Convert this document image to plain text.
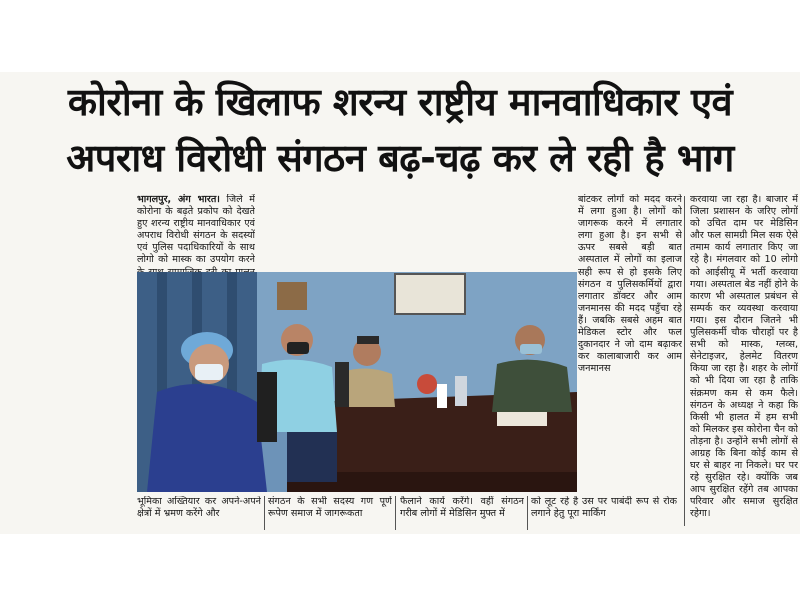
कोरोना के खिलाफ शरन्य राष्ट्रीय मानवाधिकार एवं
अपराध विरोधी संगठन बढ़-चढ़ कर ले रही है भाग

भागलपुर, अंग भारत। जिले में कोरोना के बढ़ते प्रकोप को देखते हुए शरन्य राष्ट्रीय मानवाधिकार एवं अपराध विरोधी संगठन के सदस्यों एवं पुलिस पदाधिकारियों के साथ लोगो को मास्क का उपयोग करने

भूमिका अख्तियार कर अपने-अपने क्षेत्रों में भ्रमण करेंगे और

संगठन के सभी सदस्य गण पूर्ण रूपेण समाज में जागरूकता

फैलाने कार्य करेंगे। वहीं संगठन गरीब लोगों में मेडिसिन मुफ्त में

को लूट रहे है उस पर पाबंदी रूप से रोक लगाने हेतु पूरा मार्किंग

बांटकर लोगों को मदद करने में लगा हुआ है। लोगों को जागरूक करने में लगातार लगा हुआ है। इन सभी से ऊपर सबसे बड़ी बात अस्पताल में लोगों का इलाज सही रूप से हो इसके लिए संगठन व पुलिसकर्मियों द्वारा लगातार डॉक्टर और आम जनमानस की मदद पहुँचा रहे हैं। जबकि सबसे अहम बात मेडिकल स्टोर और फल दुकानदार ने जो दाम बढ़ाकर कर कालाबाजारी कर आम जनमानस

करवाया जा रहा है। बाजार में जिला प्रशासन के जरिए लोगों को उचित दाम पर मेडिसिन और फल सामग्री मिल सक ऐसे तमाम कार्य लगातार किए जा रहे है। मंगलवार को 10 लोगो को आईसीयू में भर्ती करवाया गया। अस्पताल बेड नहीं होने के कारण भी अस्पताल प्रबंधन से सम्पर्क कर व्यवस्था करवाया गया। इस दौरान जितने भी पुलिसकर्मी चौक चौराहों पर है सभी को मास्क, ग्लव्स, सेनेटाइजर, हेलमेट वितरण किया जा रहा है। शहर के लोगों को भी दिया जा रहा है ताकि संक्रमण कम से कम फैले। संगठन के अध्यक्ष ने कहा कि किसी भी हालत में हम सभी को मिलकर इस कोरोना चैन को तोड़ना है। उन्होंने सभी लोगों से आग्रह कि बिना कोई काम से घर से बाहर ना निकले। घर पर रहे सुरक्षित रहे। क्योंकि जब आप सुरक्षित रहेंगे तब आपका परिवार और समाज सुरक्षित रहेगा।
